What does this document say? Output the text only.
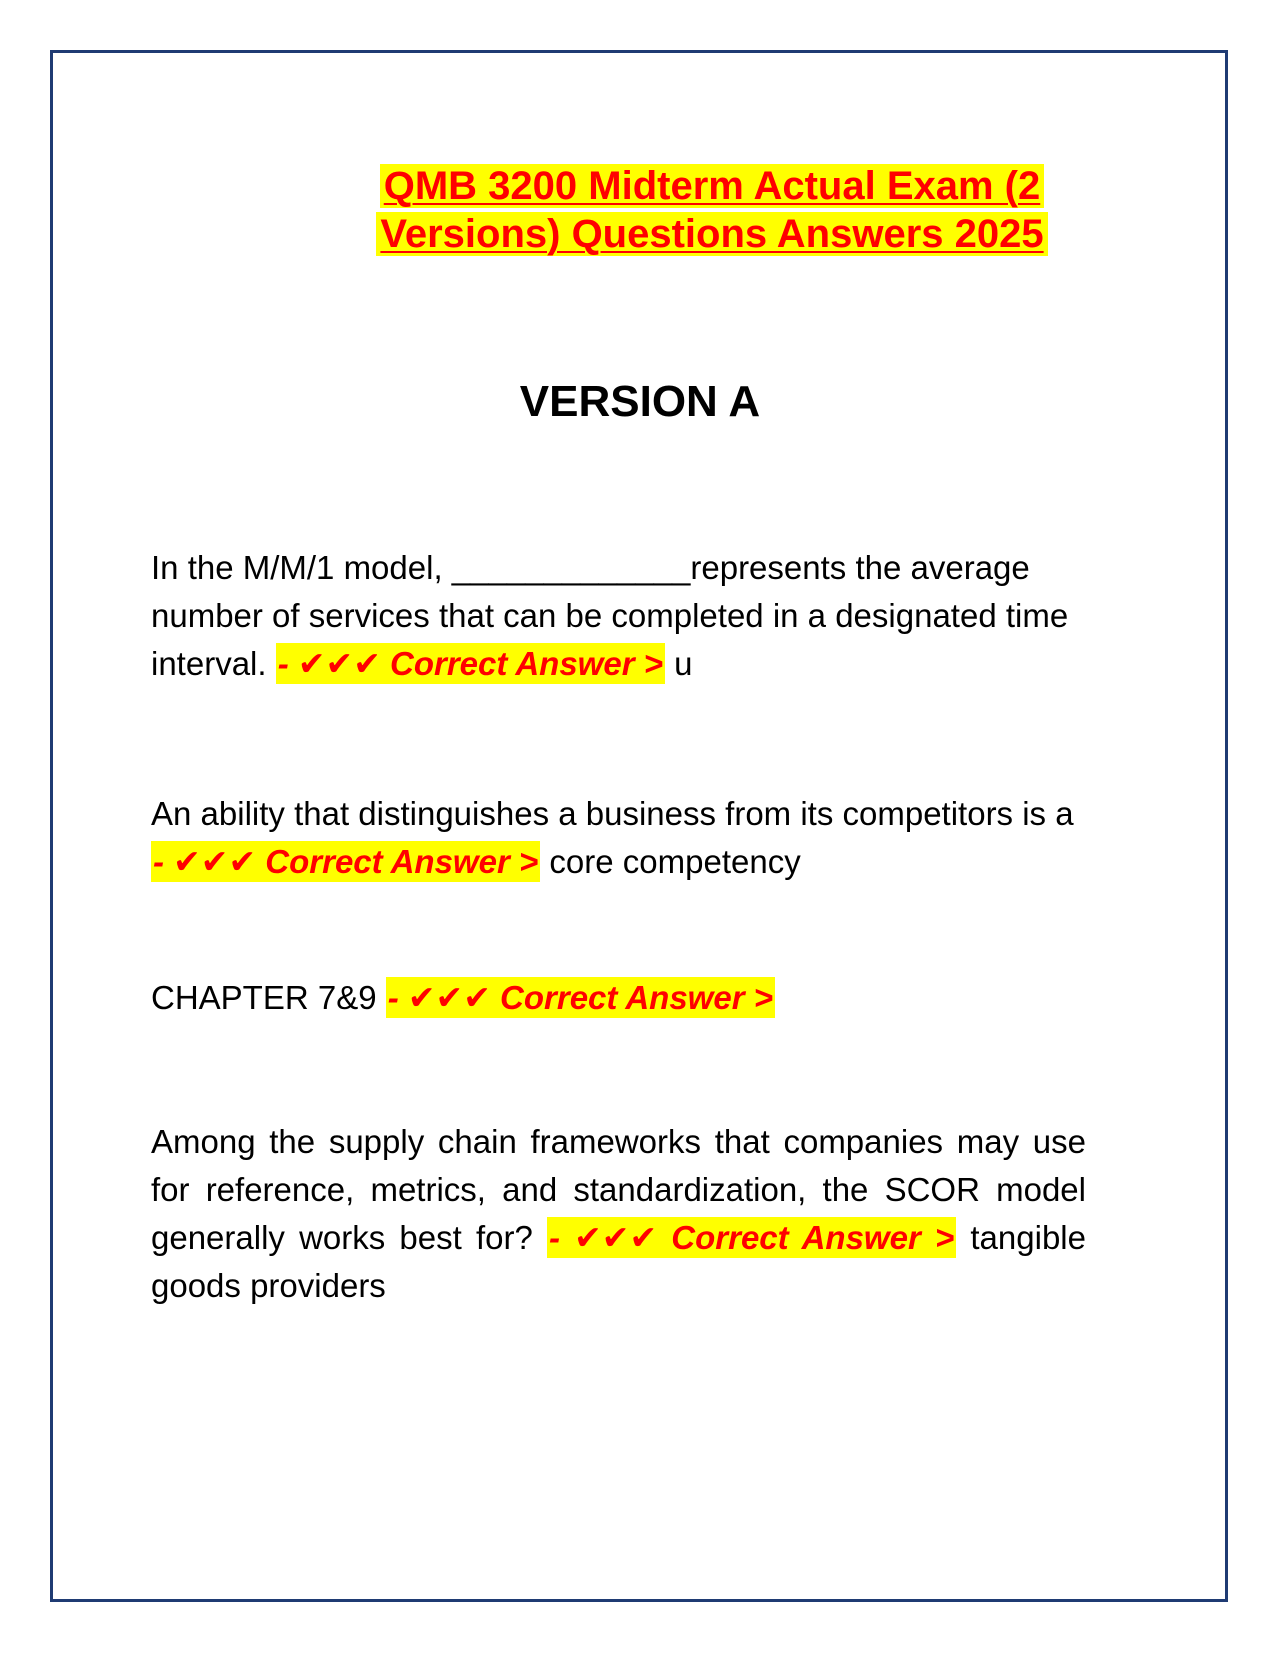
QMB 3200 Midterm Actual Exam (2
Versions) Questions Answers 2025
VERSION A

In the M/M/1 model, _____________represents the average number of services that can be completed in a designated time interval. - ✔✔✔ Correct Answer > u

An ability that distinguishes a business from its competitors is a - ✔✔✔ Correct Answer > core competency

CHAPTER 7&9 - ✔✔✔ Correct Answer >

Among the supply chain frameworks that companies may use for reference, metrics, and standardization, the SCOR model generally works best for? - ✔✔✔ Correct Answer > tangible goods providers
